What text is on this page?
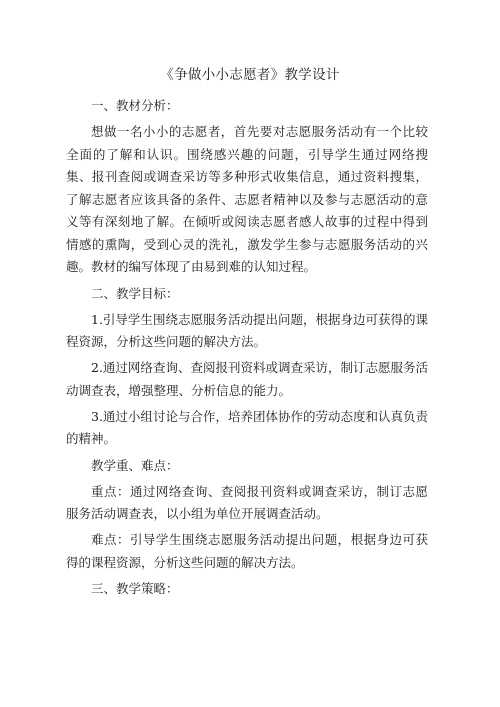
《争做小小志愿者》教学设计

一、教材分析：

想做一名小小的志愿者，首先要对志愿服务活动有一个比较全面的了解和认识。围绕感兴趣的问题，引导学生通过网络搜集、报刊查阅或调查采访等多种形式收集信息，通过资料搜集，了解志愿者应该具备的条件、志愿者精神以及参与志愿活动的意义等有深刻地了解。在倾听或阅读志愿者感人故事的过程中得到情感的熏陶，受到心灵的洗礼，激发学生参与志愿服务活动的兴趣。教材的编写体现了由易到难的认知过程。

二、教学目标：

1.引导学生围绕志愿服务活动提出问题，根据身边可获得的课程资源，分析这些问题的解决方法。

2.通过网络查询、查阅报刊资料或调查采访，制订志愿服务活动调查表，增强整理、分析信息的能力。

3.通过小组讨论与合作，培养团体协作的劳动态度和认真负责的精神。

教学重、难点：

重点：通过网络查询、查阅报刊资料或调查采访，制订志愿服务活动调查表，以小组为单位开展调查活动。

难点：引导学生围绕志愿服务活动提出问题，根据身边可获得的课程资源，分析这些问题的解决方法。

三、教学策略：
